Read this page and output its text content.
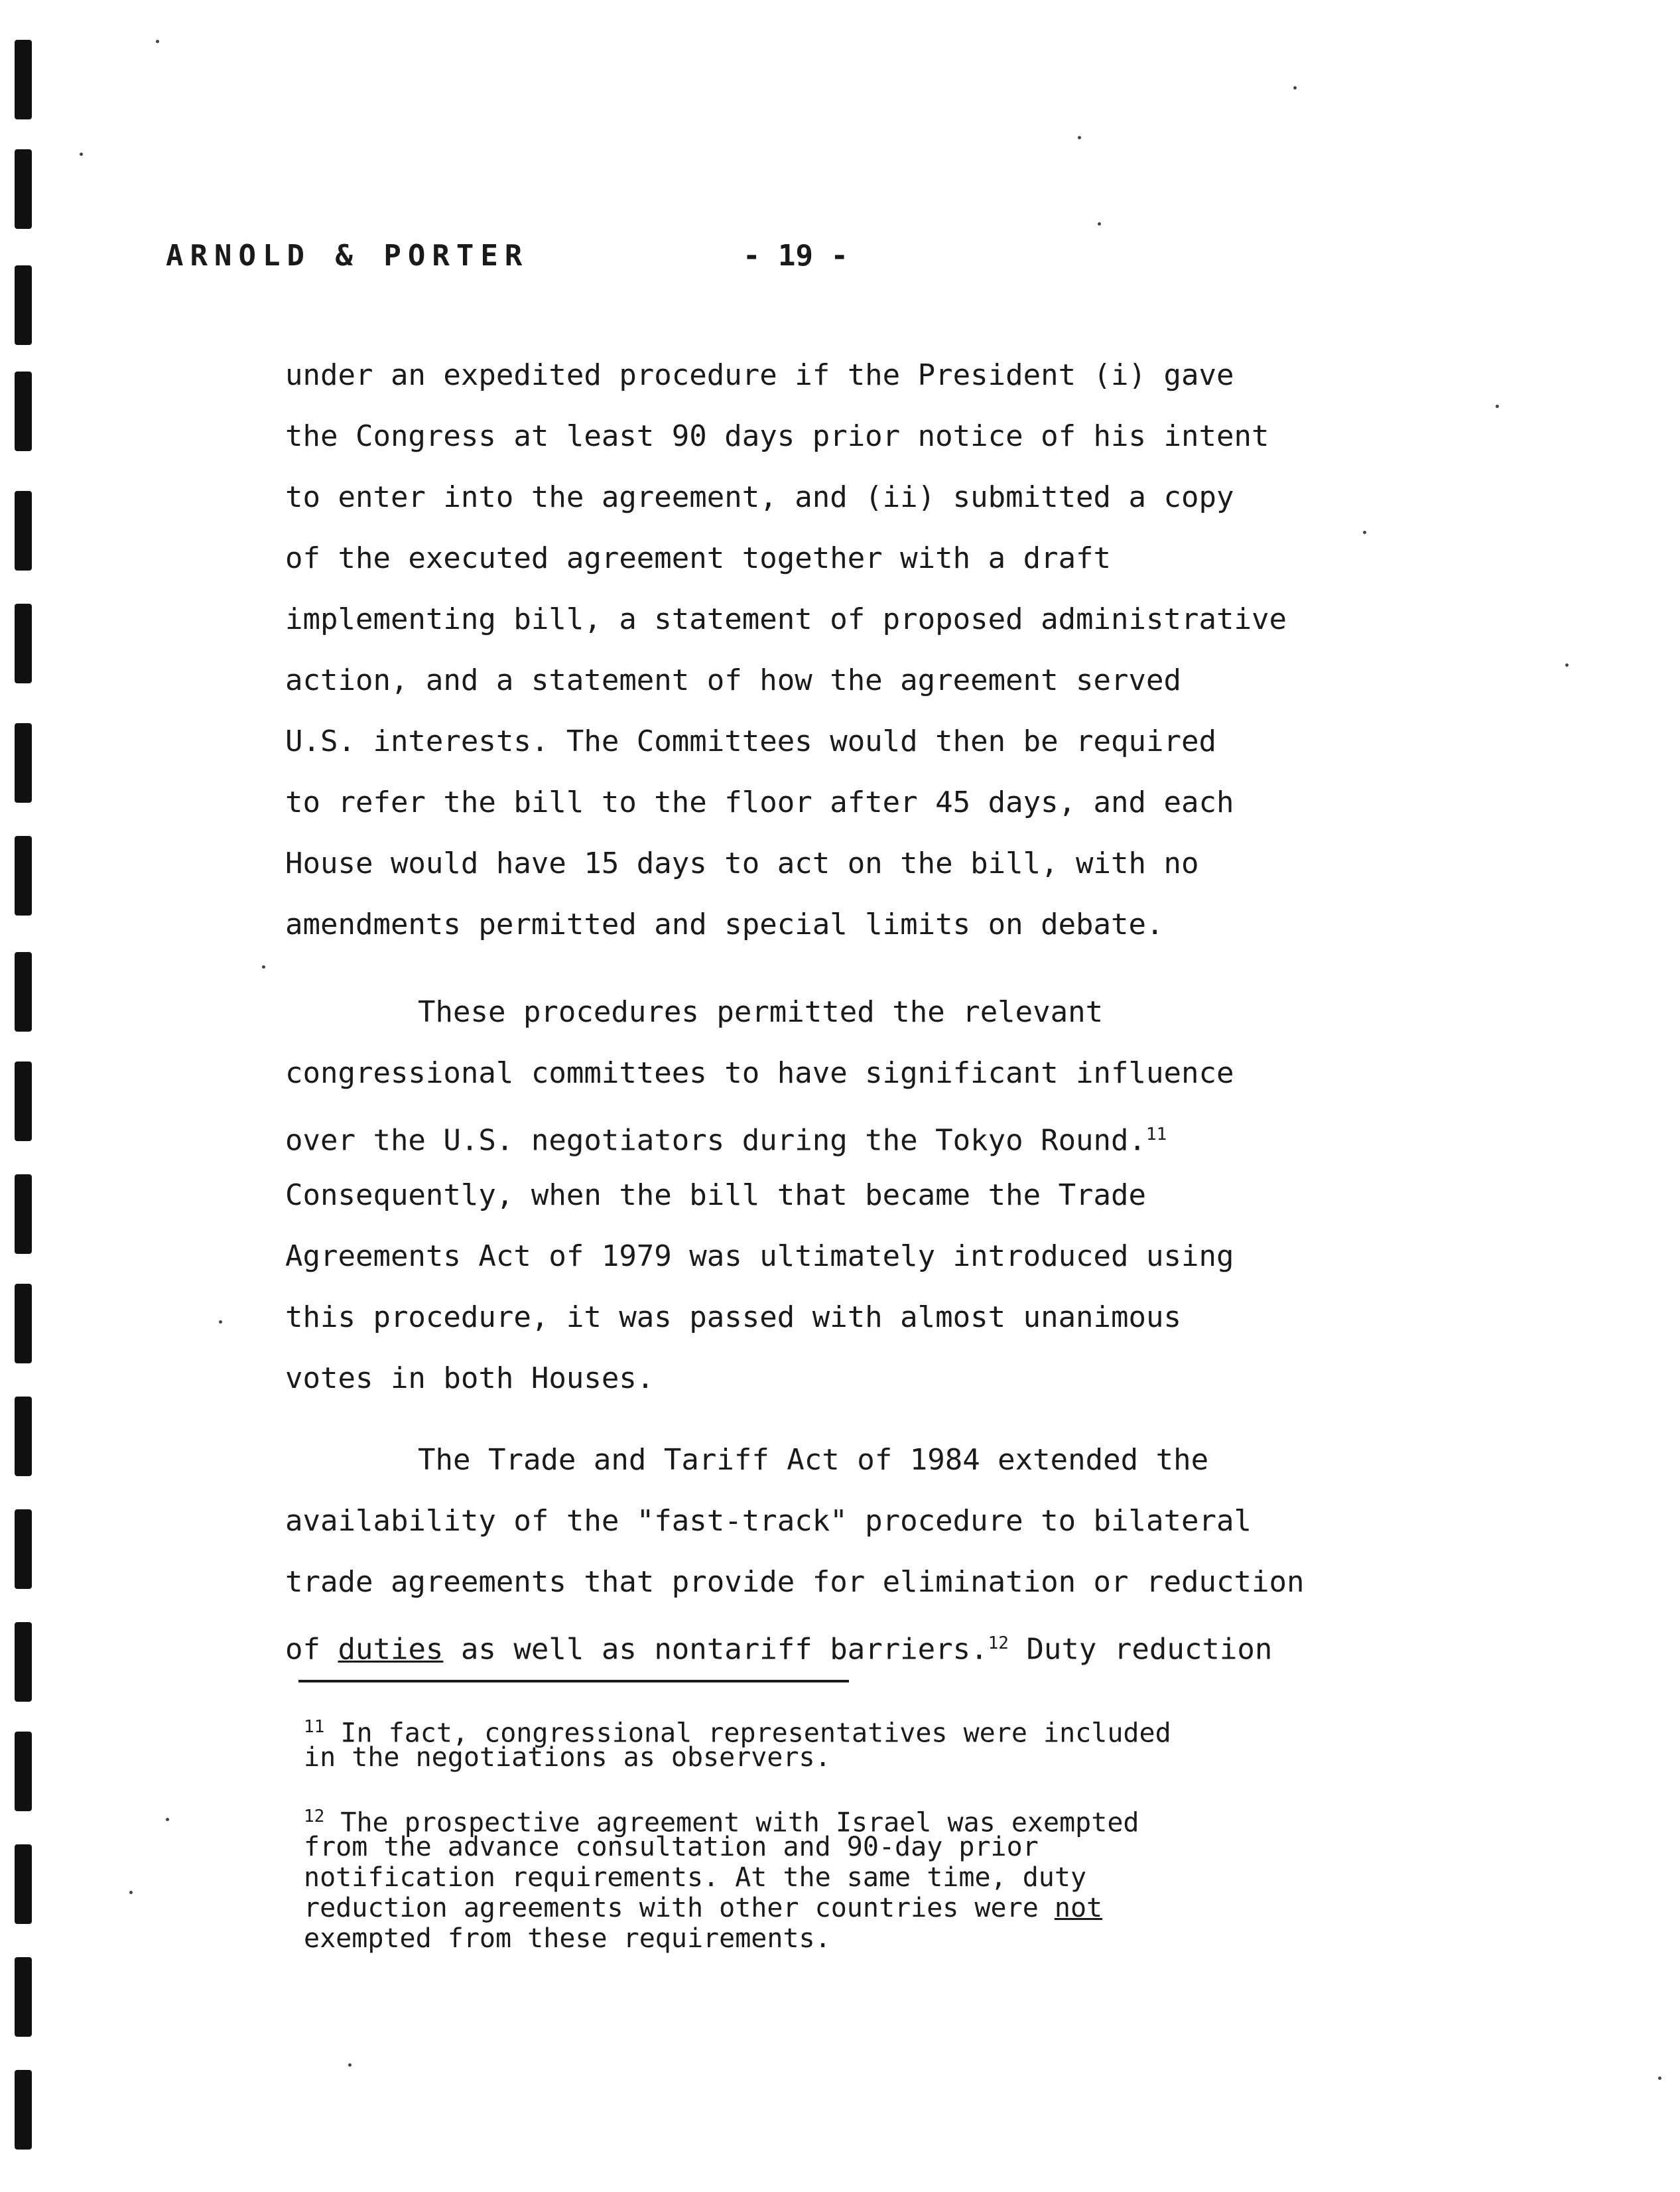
ARNOLD & PORTER	- 19 -
under an expedited procedure if the President (i) gave
the Congress at least 90 days prior notice of his intent
to enter into the agreement, and (ii) submitted a copy
of the executed agreement together with a draft
implementing bill, a statement of proposed administrative
action, and a statement of how the agreement served
U.S. interests. The Committees would then be required
to refer the bill to the floor after 45 days, and each
House would have 15 days to act on the bill, with no
amendments permitted and special limits on debate.
These procedures permitted the relevant
congressional committees to have significant influence
over the U.S. negotiators during the Tokyo Round.$^{11}$
Consequently, when the bill that became the Trade
Agreements Act of 1979 was ultimately introduced using
this procedure, it was passed with almost unanimous
votes in both Houses.
The Trade and Tariff Act of 1984 extended the
availability of the "fast-track" procedure to bilateral
trade agreements that provide for elimination or reduction
of duties as well as nontariff barriers.$^{12}$ Duty reduction
$^{11}$ In fact, congressional representatives were included
in the negotiations as observers.
$^{12}$ The prospective agreement with Israel was exempted
from the advance consultation and 90-day prior
notification requirements. At the same time, duty
reduction agreements with other countries were not
exempted from these requirements.
